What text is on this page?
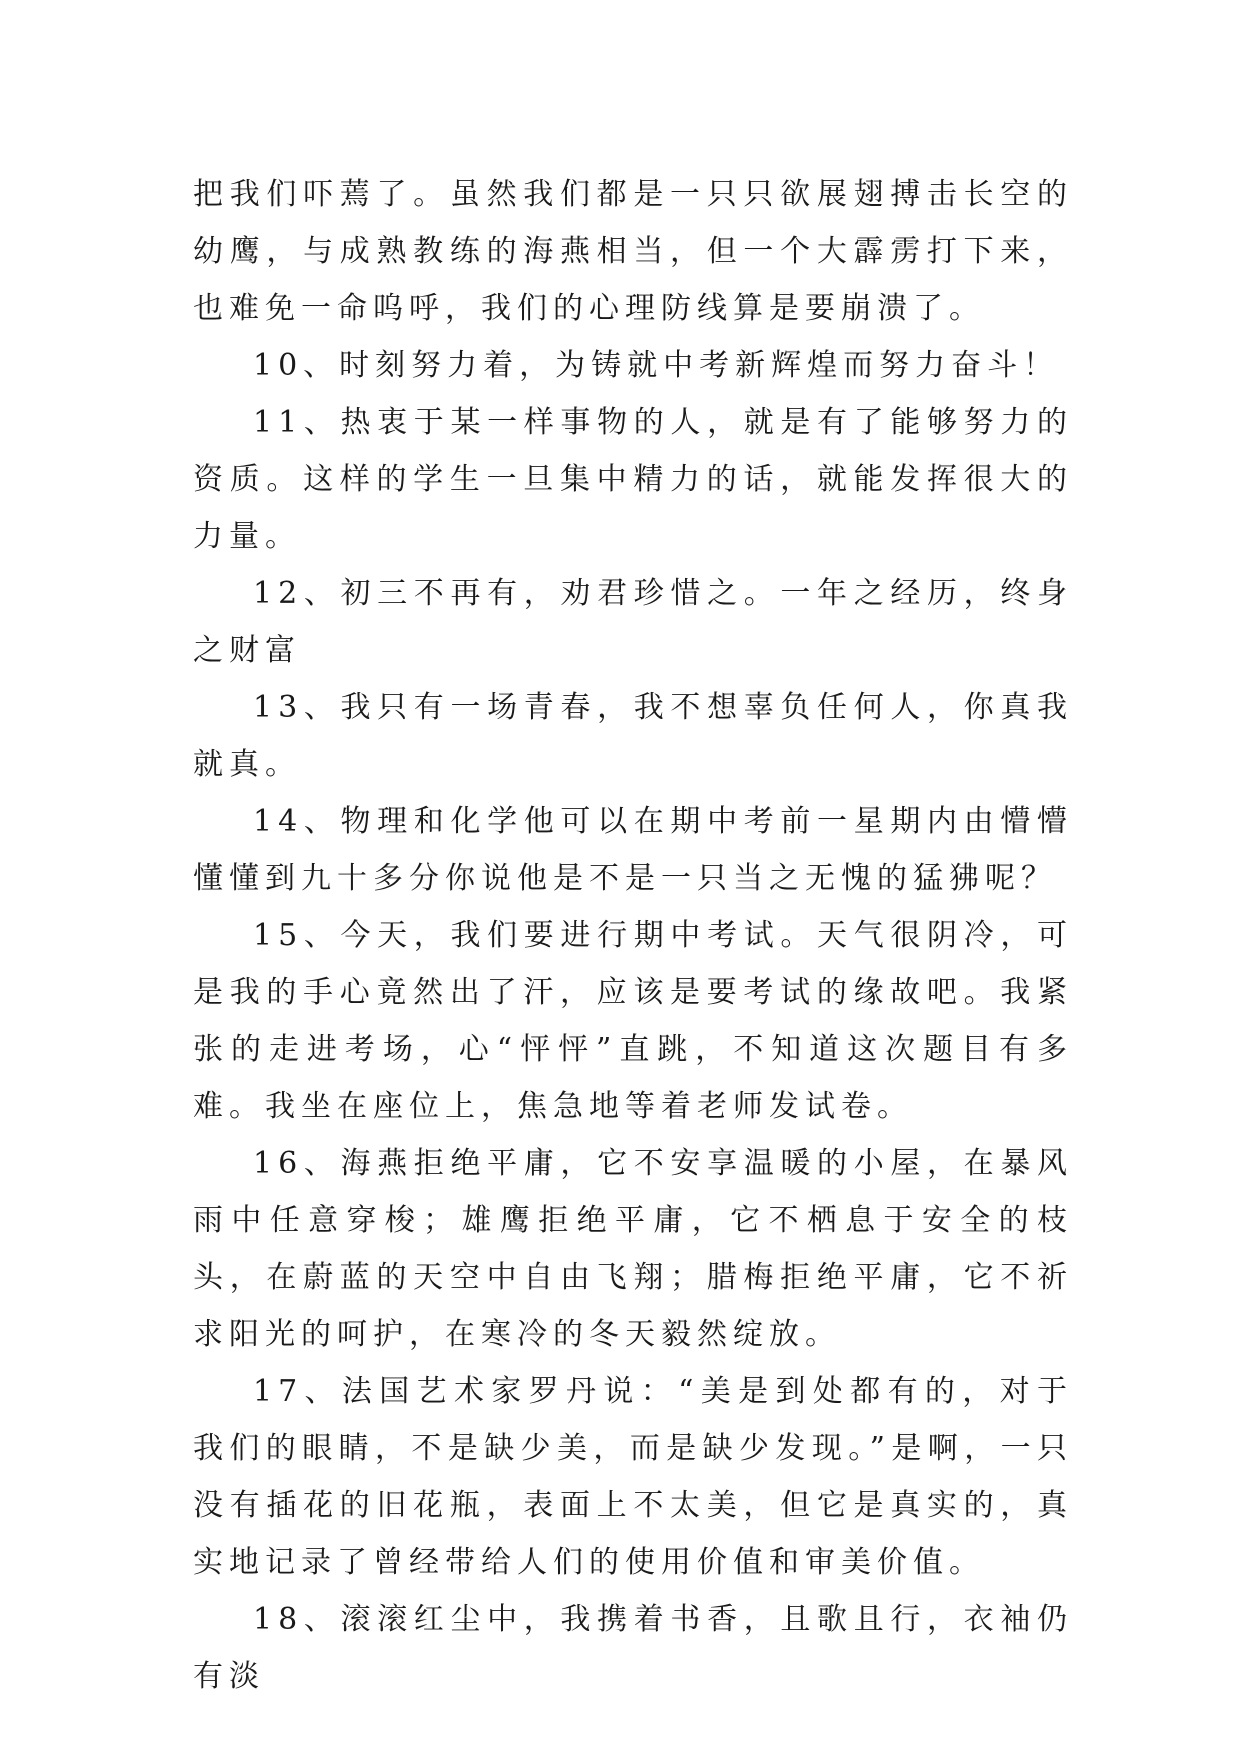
把我们吓蔫了。虽然我们都是一只只欲展翅搏击长空的幼鹰，与成熟教练的海燕相当，但一个大霹雳打下来，也难免一命呜呼，我们的心理防线算是要崩溃了。

10、时刻努力着，为铸就中考新辉煌而努力奋斗！

11、热衷于某一样事物的人，就是有了能够努力的资质。这样的学生一旦集中精力的话，就能发挥很大的力量。

12、初三不再有，劝君珍惜之。一年之经历，终身之财富

13、我只有一场青春，我不想辜负任何人，你真我就真。

14、物理和化学他可以在期中考前一星期内由懵懵懂懂到九十多分你说他是不是一只当之无愧的猛狒呢？

15、今天，我们要进行期中考试。天气很阴冷，可是我的手心竟然出了汗，应该是要考试的缘故吧。我紧张的走进考场，心“怦怦”直跳，不知道这次题目有多难。我坐在座位上，焦急地等着老师发试卷。

16、海燕拒绝平庸，它不安享温暖的小屋，在暴风雨中任意穿梭；雄鹰拒绝平庸，它不栖息于安全的枝头，在蔚蓝的天空中自由飞翔；腊梅拒绝平庸，它不祈求阳光的呵护，在寒冷的冬天毅然绽放。

17、法国艺术家罗丹说：“美是到处都有的，对于我们的眼睛，不是缺少美，而是缺少发现。”是啊，一只没有插花的旧花瓶，表面上不太美，但它是真实的，真实地记录了曾经带给人们的使用价值和审美价值。

18、滚滚红尘中，我携着书香，且歌且行，衣袖仍有淡
